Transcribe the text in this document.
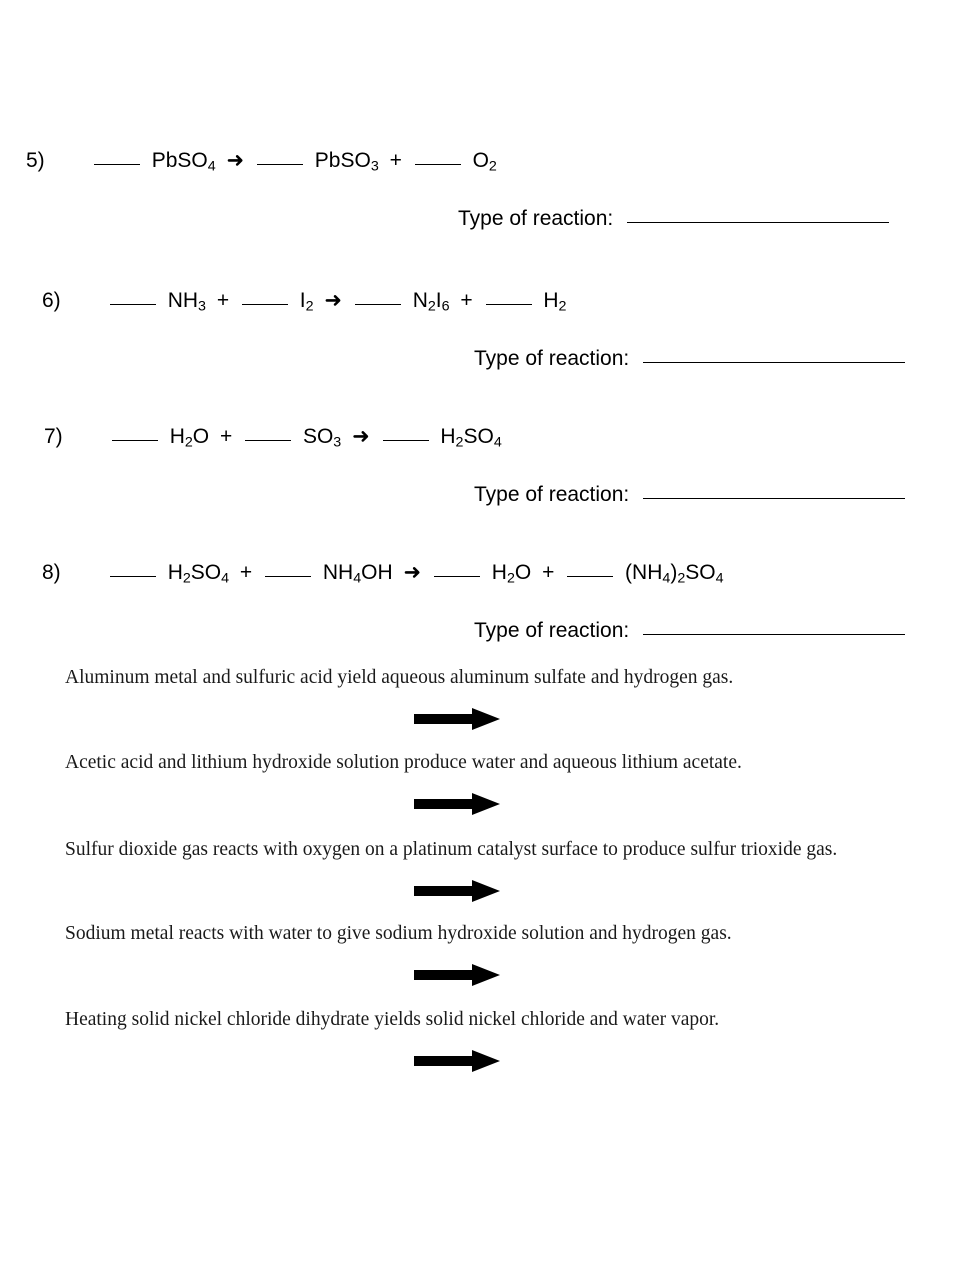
5)	PbSO$_4$ ➜	PbSO$_3$ +	$O_2$
Type of reaction:
6)	$NH_3$ +	$I_2$ ➜	$N_2I_6$ +	$H_2$
Type of reaction:
7)	$H_2O$ +	$SO_3$ ➜	$H_2SO_4$
Type of reaction:
8)	$H_2SO_4$ +	$NH_4OH$ ➜	$H_2O$ +	$(NH_4)_2SO_4$
Type of reaction:
Aluminum metal and sulfuric acid yield aqueous aluminum sulfate and hydrogen gas.
Acetic acid and lithium hydroxide solution produce water and aqueous lithium acetate.
Sulfur dioxide gas reacts with oxygen on a platinum catalyst surface to produce sulfur trioxide gas.
Sodium metal reacts with water to give sodium hydroxide solution and hydrogen gas.
Heating solid nickel chloride dihydrate yields solid nickel chloride and water vapor.
